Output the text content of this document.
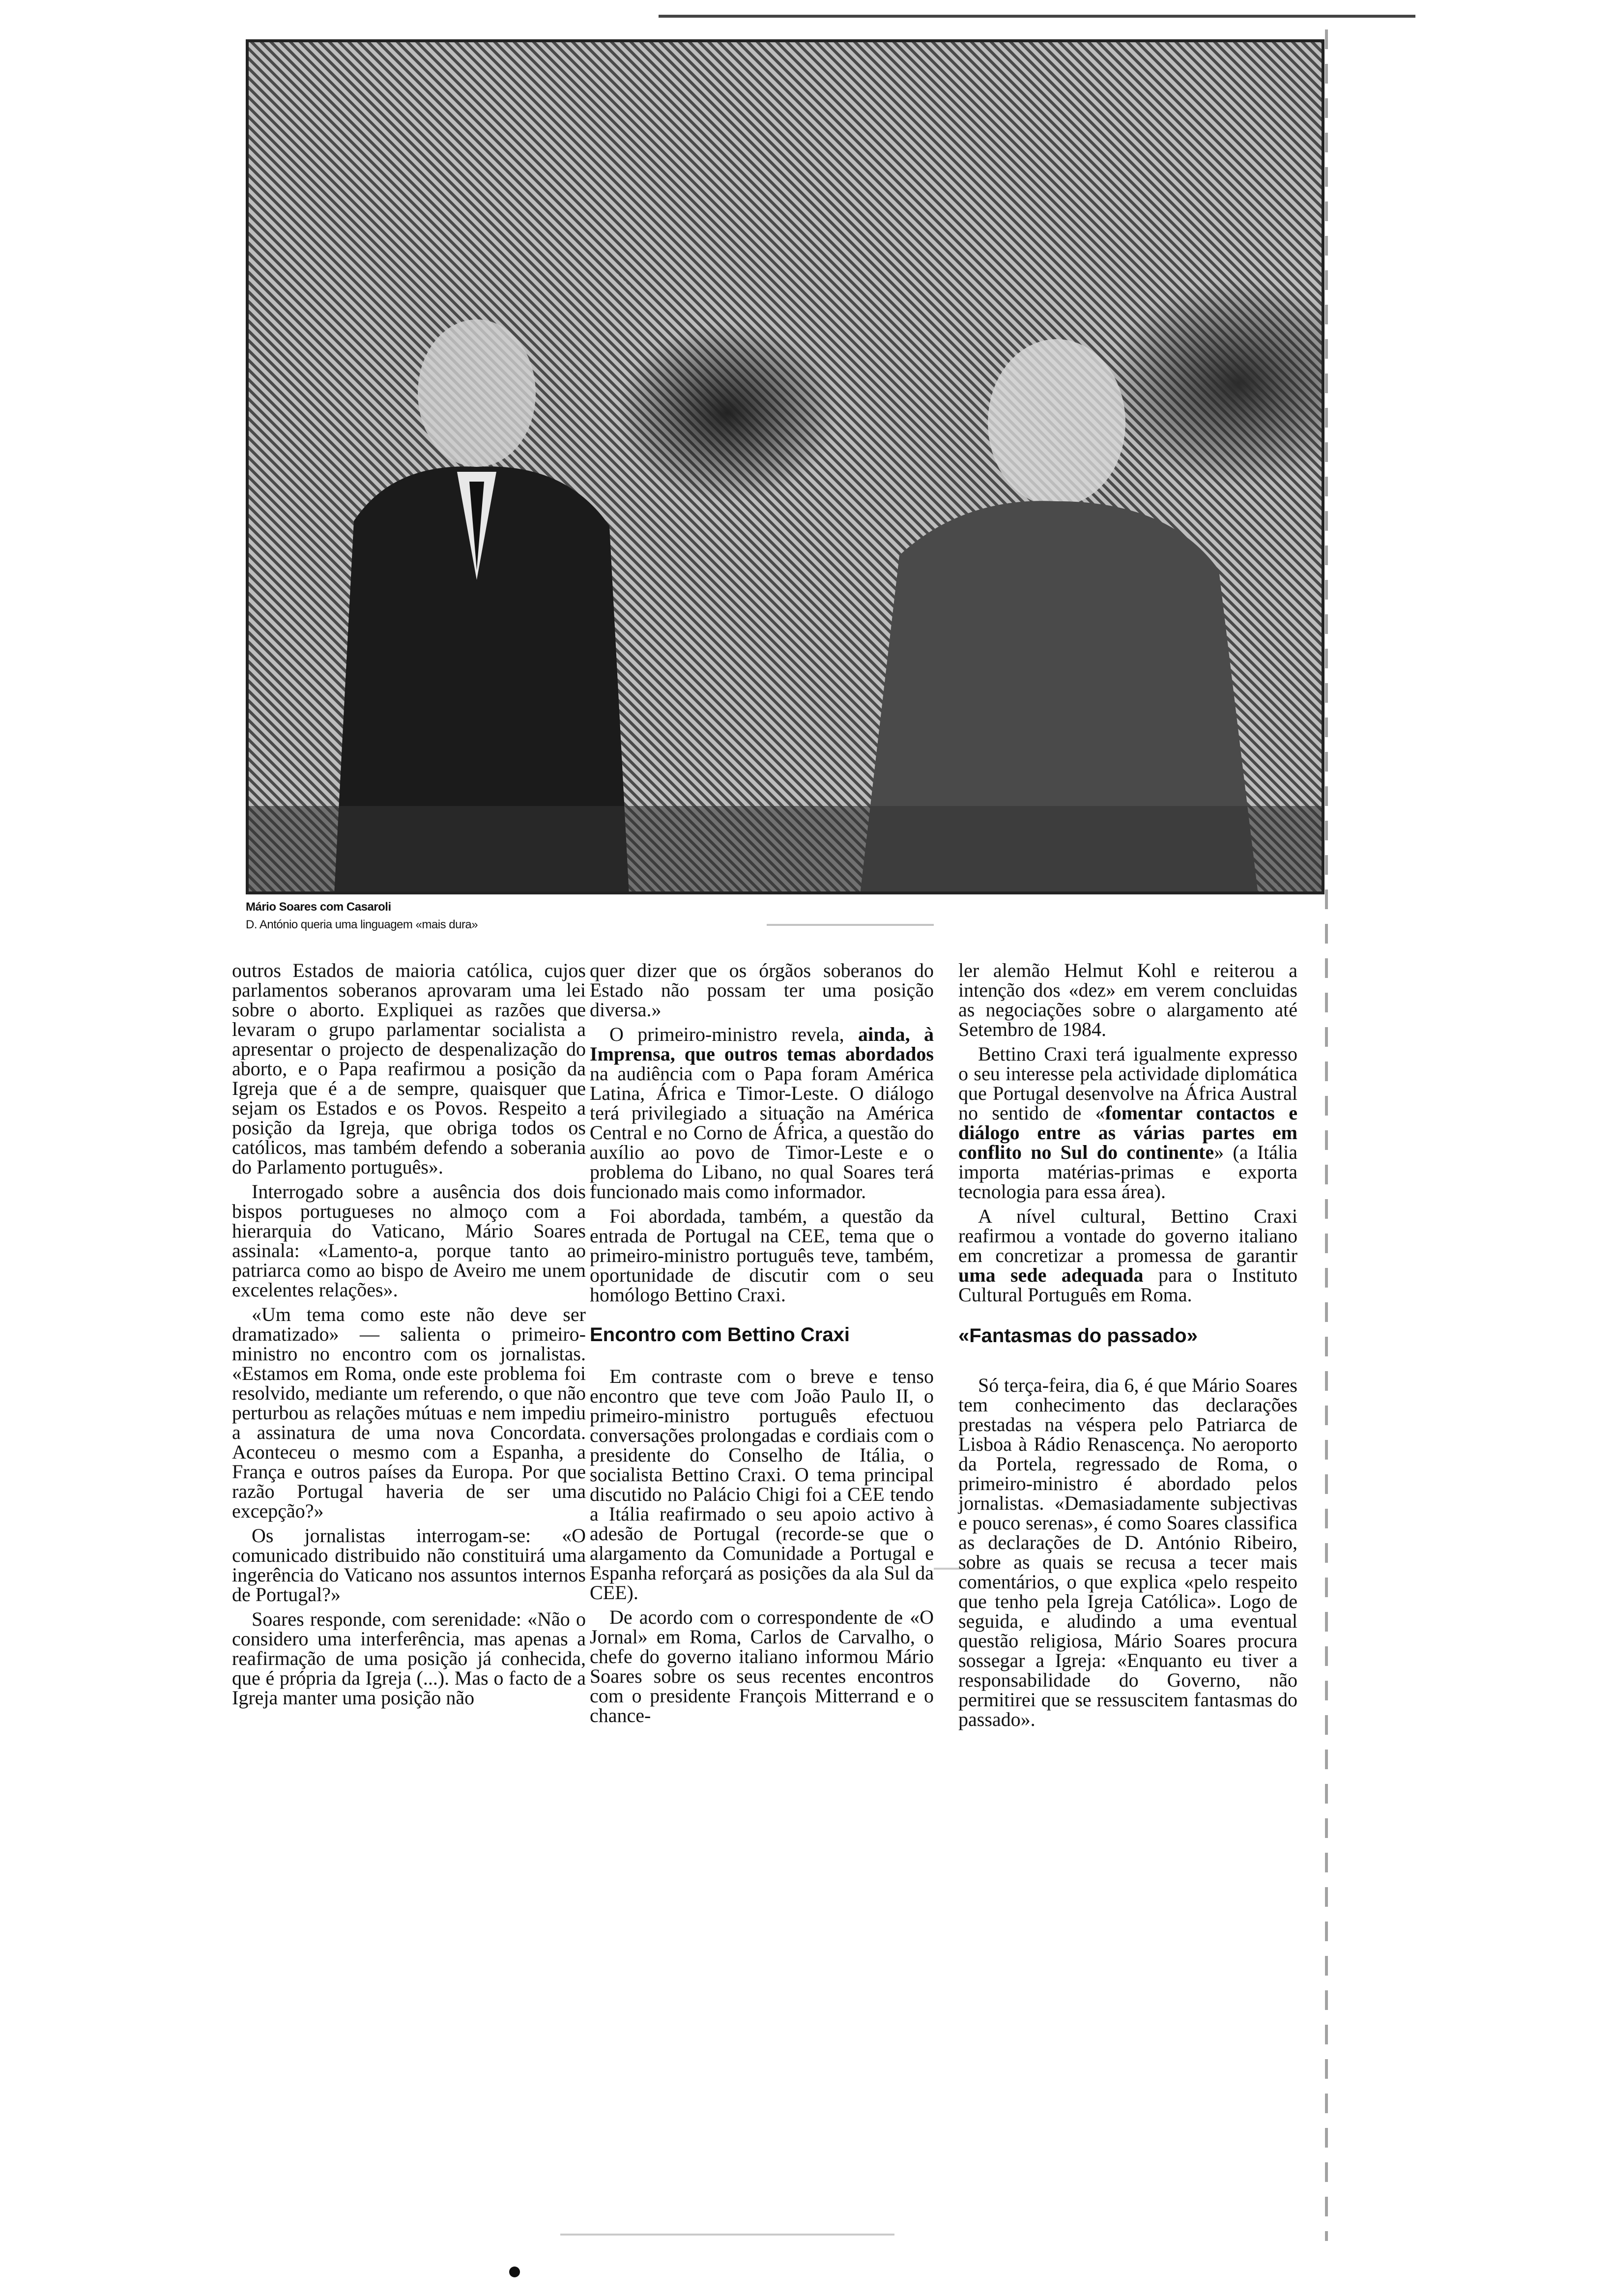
Mário Soares com Casaroli
D. António queria uma linguagem «mais dura»

outros Estados de maioria católica, cujos parlamentos soberanos aprovaram uma lei sobre o aborto. Expliquei as razões que levaram o grupo parlamentar socialista a apresentar o projecto de despenalização do aborto, e o Papa reafirmou a posição da Igreja que é a de sempre, quaisquer que sejam os Estados e os Povos. Respeito a posição da Igreja, que obriga todos os católicos, mas também defendo a soberania do Parlamento português».

Interrogado sobre a ausência dos dois bispos portugueses no almoço com a hierarquia do Vaticano, Mário Soares assinala: «Lamento-a, porque tanto ao patriarca como ao bispo de Aveiro me unem excelentes relações».

«Um tema como este não deve ser dramatizado» — salienta o primeiro-ministro no encontro com os jornalistas. «Estamos em Roma, onde este problema foi resolvido, mediante um referendo, o que não perturbou as relações mútuas e nem impediu a assinatura de uma nova Concordata. Aconteceu o mesmo com a Espanha, a França e outros países da Europa. Por que razão Portugal haveria de ser uma excepção?»

Os jornalistas interrogam-se: «O comunicado distribuido não constituirá uma ingerência do Vaticano nos assuntos internos de Portugal?»

Soares responde, com serenidade: «Não o considero uma interferência, mas apenas a reafirmação de uma posição já conhecida, que é própria da Igreja (...). Mas o facto de a Igreja manter uma posição não

quer dizer que os órgãos soberanos do Estado não possam ter uma posição diversa.»

O primeiro-ministro revela, ainda, à Imprensa, que outros temas abordados na audiência com o Papa foram América Latina, África e Timor-Leste. O diálogo terá privilegiado a situação na América Central e no Corno de África, a questão do auxílio ao povo de Timor-Leste e o problema do Libano, no qual Soares terá funcionado mais como informador.

Foi abordada, também, a questão da entrada de Portugal na CEE, tema que o primeiro-ministro português teve, também, oportunidade de discutir com o seu homólogo Bettino Craxi.

Encontro com Bettino Craxi

Em contraste com o breve e tenso encontro que teve com João Paulo II, o primeiro-ministro português efectuou conversações prolongadas e cordiais com o presidente do Conselho de Itália, o socialista Bettino Craxi. O tema principal discutido no Palácio Chigi foi a CEE tendo a Itália reafirmado o seu apoio activo à adesão de Portugal (recorde-se que o alargamento da Comunidade a Portugal e Espanha reforçará as posições da ala Sul da CEE).

De acordo com o correspondente de «O Jornal» em Roma, Carlos de Carvalho, o chefe do governo italiano informou Mário Soares sobre os seus recentes encontros com o presidente François Mitterrand e o chance-

ler alemão Helmut Kohl e reiterou a intenção dos «dez» em verem concluidas as negociações sobre o alargamento até Setembro de 1984.

Bettino Craxi terá igualmente expresso o seu interesse pela actividade diplomática que Portugal desenvolve na África Austral no sentido de «fomentar contactos e diálogo entre as várias partes em conflito no Sul do continente» (a Itália importa matérias-primas e exporta tecnologia para essa área).

A nível cultural, Bettino Craxi reafirmou a vontade do governo italiano em concretizar a promessa de garantir uma sede adequada para o Instituto Cultural Português em Roma.

«Fantasmas do passado»

Só terça-feira, dia 6, é que Mário Soares tem conhecimento das declarações prestadas na véspera pelo Patriarca de Lisboa à Rádio Renascença. No aeroporto da Portela, regressado de Roma, o primeiro-ministro é abordado pelos jornalistas. «Demasiadamente subjectivas e pouco serenas», é como Soares classifica as declarações de D. António Ribeiro, sobre as quais se recusa a tecer mais comentários, o que explica «pelo respeito que tenho pela Igreja Católica». Logo de seguida, e aludindo a uma eventual questão religiosa, Mário Soares procura sossegar a Igreja: «Enquanto eu tiver a responsabilidade do Governo, não permitirei que se ressuscitem fantasmas do passado».
